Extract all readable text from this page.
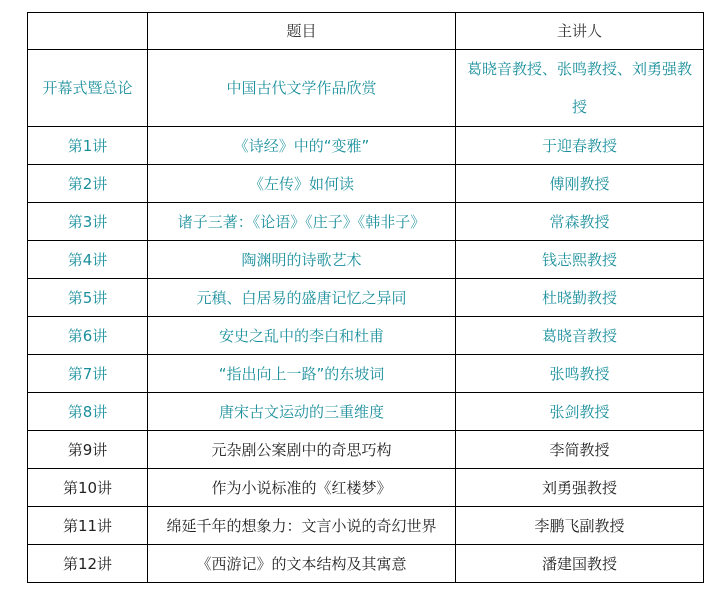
	题目	主讲人
开幕式暨总论	中国古代文学作品欣赏	葛晓音教授、张鸣教授、刘勇强教授
第1讲	《诗经》中的“变雅”	于迎春教授
第2讲	《左传》如何读	傅刚教授
第3讲	诸子三著：《论语》《庄子》《韩非子》	常森教授
第4讲	陶渊明的诗歌艺术	钱志熙教授
第5讲	元稹、白居易的盛唐记忆之异同	杜晓勤教授
第6讲	安史之乱中的李白和杜甫	葛晓音教授
第7讲	“指出向上一路”的东坡词	张鸣教授
第8讲	唐宋古文运动的三重维度	张剑教授
第9讲	元杂剧公案剧中的奇思巧构	李简教授
第10讲	作为小说标准的《红楼梦》	刘勇强教授
第11讲	绵延千年的想象力：文言小说的奇幻世界	李鹏飞副教授
第12讲	《西游记》的文本结构及其寓意	潘建国教授
